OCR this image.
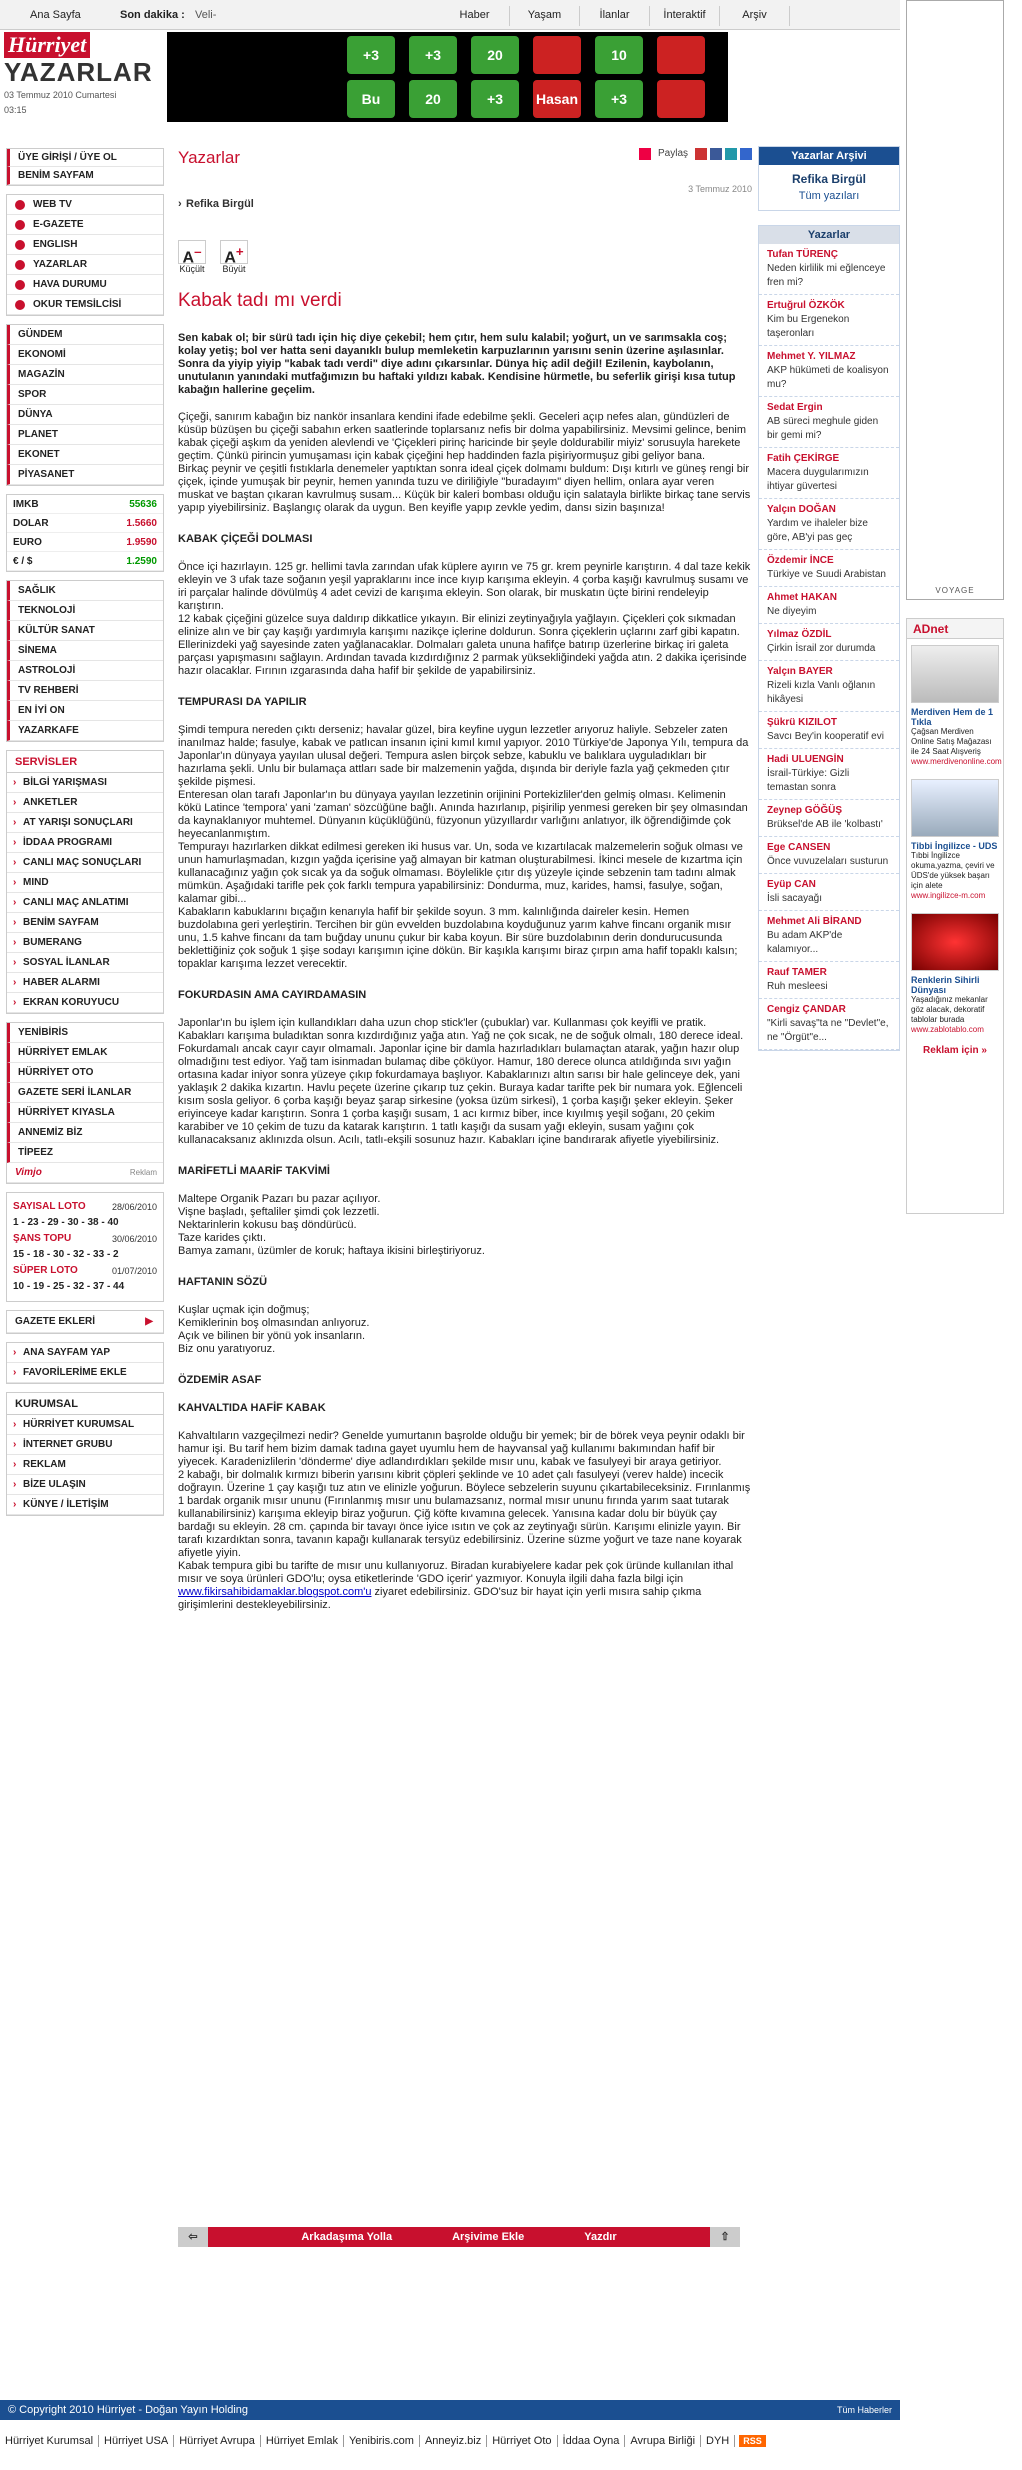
Ana Sayfa	Son dakika : Veli-	Haber	Yaşam	İlanlar	İnteraktif	Arşiv
Hürriyet
YAZARLAR
03 Temmuz 2010 Cumartesi
03:15
+3	+3	20	10
Bu Şeker
20	+3	Hasan	+3
ÜYE GİRİŞİ / ÜYE OL
BENİM SAYFAM
WEB TV
E-GAZETE
ENGLISH
YAZARLAR
HAVA DURUMU
OKUR TEMSİLCİSİ
GÜNDEM
EKONOMİ
MAGAZİN
SPOR
DÜNYA
PLANET
EKONET
PİYASANET
IMKB	55636
DOLAR	1.5660
EURO	1.9590
€ / $	1.2590
SAĞLIK
TEKNOLOJİ
KÜLTÜR SANAT
SİNEMA
ASTROLOJİ
TV REHBERİ
EN İYİ ON
YAZARKAFE
SERVİSLER
› BİLGİ YARIŞMASI
› ANKETLER
› AT YARIŞI SONUÇLARI
› İDDAA PROGRAMI
› CANLI MAÇ SONUÇLARI
› MIND
› CANLI MAÇ ANLATIMI
› BENİM SAYFAM
› BUMERANG
› SOSYAL İLANLAR
› HABER ALARMI
› EKRAN KORUYUCU
YENİBİRİS
HÜRRİYET EMLAK
HÜRRİYET OTO
GAZETE SERİ İLANLAR
HÜRRİYET KIYASLA
ANNEMİZ BİZ
TİPEEZ
Vimjo	Reklam
SAYISAL LOTO	28/06/2010
1 - 23 - 29 - 30 - 38 - 40
ŞANS TOPU	30/06/2010
15 - 18 - 30 - 32 - 33 - 2
SÜPER LOTO	01/07/2010
10 - 19 - 25 - 32 - 37 - 44
GAZETE EKLERİ	▶
› ANA SAYFAM YAP
› FAVORİLERİME EKLE
KURUMSAL
› HÜRRİYET KURUMSAL
› İNTERNET GRUBU
› REKLAM
› BİZE ULAŞIN
› KÜNYE / İLETİŞİM
Yazarlar	Paylaş
3 Temmuz 2010
› Refika Birgül
A–
Küçült
A+
Büyüt
Kabak tadı mı verdi
Sen kabak ol; bir sürü tadı için hiç diye çekebil; hem çıtır, hem sulu kalabil; yoğurt, un ve sarımsakla coş; kolay yetiş; bol ver hatta seni dayanıklı bulup memleketin karpuzlarının yarısını senin üzerine aşılasınlar. Sonra da yiyip yiyip "kabak tadı verdi" diye adını çıkarsınlar. Dünya hiç adil değil! Ezilenin, kaybolanın, unutulanın yanındaki mutfağımızın bu haftaki yıldızı kabak. Kendisine hürmetle, bu seferlik girişi kısa tutup kabağın hallerine geçelim.

Çiçeği, sanırım kabağın biz nankör insanlara kendini ifade edebilme şekli. Geceleri açıp nefes alan, gündüzleri de küsüp büzüşen bu çiçeği sabahın erken saatlerinde toplarsanız nefis bir dolma yapabilirsiniz. Mevsimi gelince, benim kabak çiçeği aşkım da yeniden alevlendi ve 'Çiçekleri pirinç haricinde bir şeyle doldurabilir miyiz' sorusuyla harekete geçtim. Çünkü pirincin yumuşaması için kabak çiçeğini hep haddinden fazla pişiriyormuşuz gibi geliyor bana.

Birkaç peynir ve çeşitli fıstıklarla denemeler yaptıktan sonra ideal çiçek dolmamı buldum: Dışı kıtırlı ve güneş rengi bir çiçek, içinde yumuşak bir peynir, hemen yanında tuzu ve diriliğiyle "buradayım" diyen hellim, onlara ayar veren muskat ve baştan çıkaran kavrulmuş susam... Küçük bir kaleri bombası olduğu için salatayla birlikte birkaç tane servis yapıp yiyebilirsiniz. Başlangıç olarak da uygun. Ben keyifle yapıp zevkle yedim, dansı sizin başınıza!

KABAK ÇİÇEĞİ DOLMASI

Önce içi hazırlayın. 125 gr. hellimi tavla zarından ufak küplere ayırın ve 75 gr. krem peynirle karıştırın. 4 dal taze kekik ekleyin ve 3 ufak taze soğanın yeşil yapraklarını ince ince kıyıp karışıma ekleyin. 4 çorba kaşığı kavrulmuş susamı ve iri parçalar halinde dövülmüş 4 adet cevizi de karışıma ekleyin. Son olarak, bir muskatın üçte birini rendeleyip karıştırın.

12 kabak çiçeğini güzelce suya daldırıp dikkatlice yıkayın. Bir elinizi zeytinyağıyla yağlayın. Çiçekleri çok sıkmadan elinize alın ve bir çay kaşığı yardımıyla karışımı nazikçe içlerine doldurun. Sonra çiçeklerin uçlarını zarf gibi kapatın. Ellerinizdeki yağ sayesinde zaten yağlanacaklar. Dolmaları galeta ununa hafifçe batırıp üzerlerine birkaç iri galeta parçası yapışmasını sağlayın. Ardından tavada kızdırdığınız 2 parmak yüksekliğindeki yağda atın. 2 dakika içerisinde hazır olacaklar. Fırının ızgarasında daha hafif bir şekilde de yapabilirsiniz.

TEMPURASI DA YAPILIR

Şimdi tempura nereden çıktı derseniz; havalar güzel, bira keyfine uygun lezzetler arıyoruz haliyle. Sebzeler zaten inanılmaz halde; fasulye, kabak ve patlıcan insanın içini kımıl kımıl yapıyor. 2010 Türkiye'de Japonya Yılı, tempura da Japonlar'ın dünyaya yayılan ulusal değeri. Tempura aslen birçok sebze, kabuklu ve balıklara uyguladıkları bir hazırlama şekli. Unlu bir bulamaça attları sade bir malzemenin yağda, dışında bir deriyle fazla yağ çekmeden çıtır şekilde pişmesi.

Enteresan olan tarafı Japonlar'ın bu dünyaya yayılan lezzetinin orijinini Portekizliler'den gelmiş olması. Kelimenin kökü Latince 'tempora' yani 'zaman' sözcüğüne bağlı. Anında hazırlanıp, pişirilip yenmesi gereken bir şey olmasından da kaynaklanıyor muhtemel. Dünyanın küçüklüğünü, füzyonun yüzyıllardır varlığını anlatıyor, ilk öğrendiğimde çok heyecanlanmıştım.

Tempurayı hazırlarken dikkat edilmesi gereken iki husus var. Un, soda ve kızartılacak malzemelerin soğuk olması ve unun hamurlaşmadan, kızgın yağda içerisine yağ almayan bir katman oluşturabilmesi. İkinci mesele de kızartma için kullanacağınız yağın çok sıcak ya da soğuk olmaması. Böylelikle çıtır dış yüzeyle içinde sebzenin tam tadını almak mümkün. Aşağıdaki tarifle pek çok farklı tempura yapabilirsiniz: Dondurma, muz, karides, hamsi, fasulye, soğan, kalamar gibi...

Kabakların kabuklarını bıçağın kenarıyla hafif bir şekilde soyun. 3 mm. kalınlığında daireler kesin. Hemen buzdolabına geri yerleştirin. Tercihen bir gün evvelden buzdolabına koyduğunuz yarım kahve fincanı organik mısır unu, 1.5 kahve fincanı da tam buğday ununu çukur bir kaba koyun. Bir süre buzdolabının derin dondurucusunda beklettiğiniz çok soğuk 1 şişe sodayı karışımın içine dökün. Bir kaşıkla karışımı biraz çırpın ama hafif topaklı kalsın; topaklar karışıma lezzet verecektir.

FOKURDASIN AMA CAYIRDAMASIN

Japonlar'ın bu işlem için kullandıkları daha uzun chop stick'ler (çubuklar) var. Kullanması çok keyifli ve pratik. Kabakları karışıma buladıktan sonra kızdırdığınız yağa atın. Yağ ne çok sıcak, ne de soğuk olmalı, 180 derece ideal. Fokurdamalı ancak cayır cayır olmamalı. Japonlar içine bir damla hazırladıkları bulamaçtan atarak, yağın hazır olup olmadığını test ediyor. Yağ tam isinmadan bulamaç dibe çöküyor. Hamur, 180 derece olunca atıldığında sıvı yağın ortasına kadar iniyor sonra yüzeye çıkıp fokurdamaya başlıyor. Kabaklarınızı altın sarısı bir hale gelinceye dek, yani yaklaşık 2 dakika kızartın. Havlu peçete üzerine çıkarıp tuz çekin. Buraya kadar tarifte pek bir numara yok. Eğlenceli kısım sosla geliyor. 6 çorba kaşığı beyaz şarap sirkesine (yoksa üzüm sirkesi), 1 çorba kaşığı şeker ekleyin. Şeker eriyinceye kadar karıştırın. Sonra 1 çorba kaşığı susam, 1 acı kırmız biber, ince kıyılmış yeşil soğanı, 20 çekim karabiber ve 10 çekim de tuzu da katarak karıştırın. 1 tatlı kaşığı da susam yağı ekleyin, susam yağını çok kullanacaksanız aklınızda olsun. Acılı, tatlı-ekşili sosunuz hazır. Kabakları içine bandırarak afiyetle yiyebilirsiniz.

MARİFETLİ MAARİF TAKVİMİ

Maltepe Organik Pazarı bu pazar açılıyor.

Vişne başladı, şeftaliler şimdi çok lezzetli.

Nektarinlerin kokusu baş döndürücü.

Taze karides çıktı.

Bamya zamanı, üzümler de koruk; haftaya ikisini birleştiriyoruz.

HAFTANIN SÖZÜ

Kuşlar uçmak için doğmuş;

Kemiklerinin boş olmasından anlıyoruz.

Açık ve bilinen bir yönü yok insanların.

Biz onu yaratıyoruz.

ÖZDEMİR ASAF
KAHVALTIDA HAFİF KABAK

Kahvaltıların vazgeçilmezi nedir? Genelde yumurtanın başrolde olduğu bir yemek; bir de börek veya peynir odaklı bir hamur işi. Bu tarif hem bizim damak tadına gayet uyumlu hem de hayvansal yağ kullanımı bakımından hafif bir yiyecek. Karadenizlilerin 'dönderme' diye adlandırdıkları şekilde mısır unu, kabak ve fasulyeyi bir araya getiriyor.

2 kabağı, bir dolmalık kırmızı biberin yarısını kibrit çöpleri şeklinde ve 10 adet çalı fasulyeyi (verev halde) incecik doğrayın. Üzerine 1 çay kaşığı tuz atın ve elinizle yoğurun. Böylece sebzelerin suyunu çıkartabileceksiniz. Fırınlanmış 1 bardak organik mısır ununu (Fırınlanmış mısır unu bulamazsanız, normal mısır ununu fırında yarım saat tutarak kullanabilirsiniz) karışıma ekleyip biraz yoğurun. Çiğ köfte kıvamına gelecek. Yanısına kadar dolu bir büyük çay bardağı su ekleyin. 28 cm. çapında bir tavayı önce iyice ısıtın ve çok az zeytinyağı sürün. Karışımı elinizle yayın. Bir tarafı kızardıktan sonra, tavanın kapağı kullanarak tersyüz edebilirsiniz. Üzerine süzme yoğurt ve taze nane koyarak afiyetle yiyin.

Kabak tempura gibi bu tarifte de mısır unu kullanıyoruz. Biradan kurabiyelere kadar pek çok üründe kullanılan ithal mısır ve soya ürünleri GDO'lu; oysa etiketlerinde 'GDO içerir' yazmıyor. Konuyla ilgili daha fazla bilgi için www.fikirsahibidamaklar.blogspot.com'u ziyaret edebilirsiniz. GDO'suz bir hayat için yerli mısıra sahip çıkma girişimlerini destekleyebilirsiniz.

⇦	Arkadaşıma Yolla	Arşivime Ekle	Yazdır	⇧
Yazarlar Arşivi
Refika Birgül
Tüm yazıları
Yazarlar
Tufan TÜRENÇ
Neden kirlilik mi eğlenceye fren mi?
Ertuğrul ÖZKÖK
Kim bu Ergenekon taşeronları
Mehmet Y. YILMAZ
AKP hükümeti de koalisyon mu?
Sedat Ergin
AB süreci meghule giden bir gemi mi?
Fatih ÇEKİRGE
Macera duygularımızın ihtiyar güvertesi
Yalçın DOĞAN
Yardım ve ihaleler bize göre, AB'yi pas geç
Özdemir İNCE
Türkiye ve Suudi Arabistan
Ahmet HAKAN
Ne diyeyim
Yılmaz ÖZDİL
Çirkin İsrail zor durumda
Yalçın BAYER
Rizeli kızla Vanlı oğlanın hikâyesi
Şükrü KIZILOT
Savcı Bey'in kooperatif evi
Hadi ULUENGİN
İsrail-Türkiye: Gizli temastan sonra
Zeynep GÖĞÜŞ
Brüksel'de AB ile 'kolbastı'
Ege CANSEN
Önce vuvuzelaları susturun
Eyüp CAN
İsli sacayağı
Mehmet Ali BİRAND
Bu adam AKP'de kalamıyor...
Rauf TAMER
Ruh mesleesi
Cengiz ÇANDAR
"Kirli savaş"ta ne "Devlet"e, ne "Örgüt"e...
VOYAGE
ADnet
Merdiven Hem de 1 Tıkla
Çağsan Merdiven Online Satış Mağazası ile 24 Saat Alışveriş
www.merdivenonline.com
Tibbi İngilizce - UDS
Tıbbi İngilizce okuma,yazma, çeviri ve ÜDS'de yüksek başarı için alete
www.ingilizce-m.com
Renklerin Sihirli Dünyası
Yaşadığınız mekanlar göz alacak, dekoratif tablolar burada
www.zablotablo.com
Reklam için »
© Copyright 2010 Hürriyet - Doğan Yayın Holding	Tüm Haberler
Hürriyet Kurumsal	Hürriyet USA	Hürriyet Avrupa	Hürriyet Emlak	Yenibiris.com	Anneyiz.biz	Hürriyet Oto	İddaa Oyna	Avrupa Birliği	DYH	RSS
